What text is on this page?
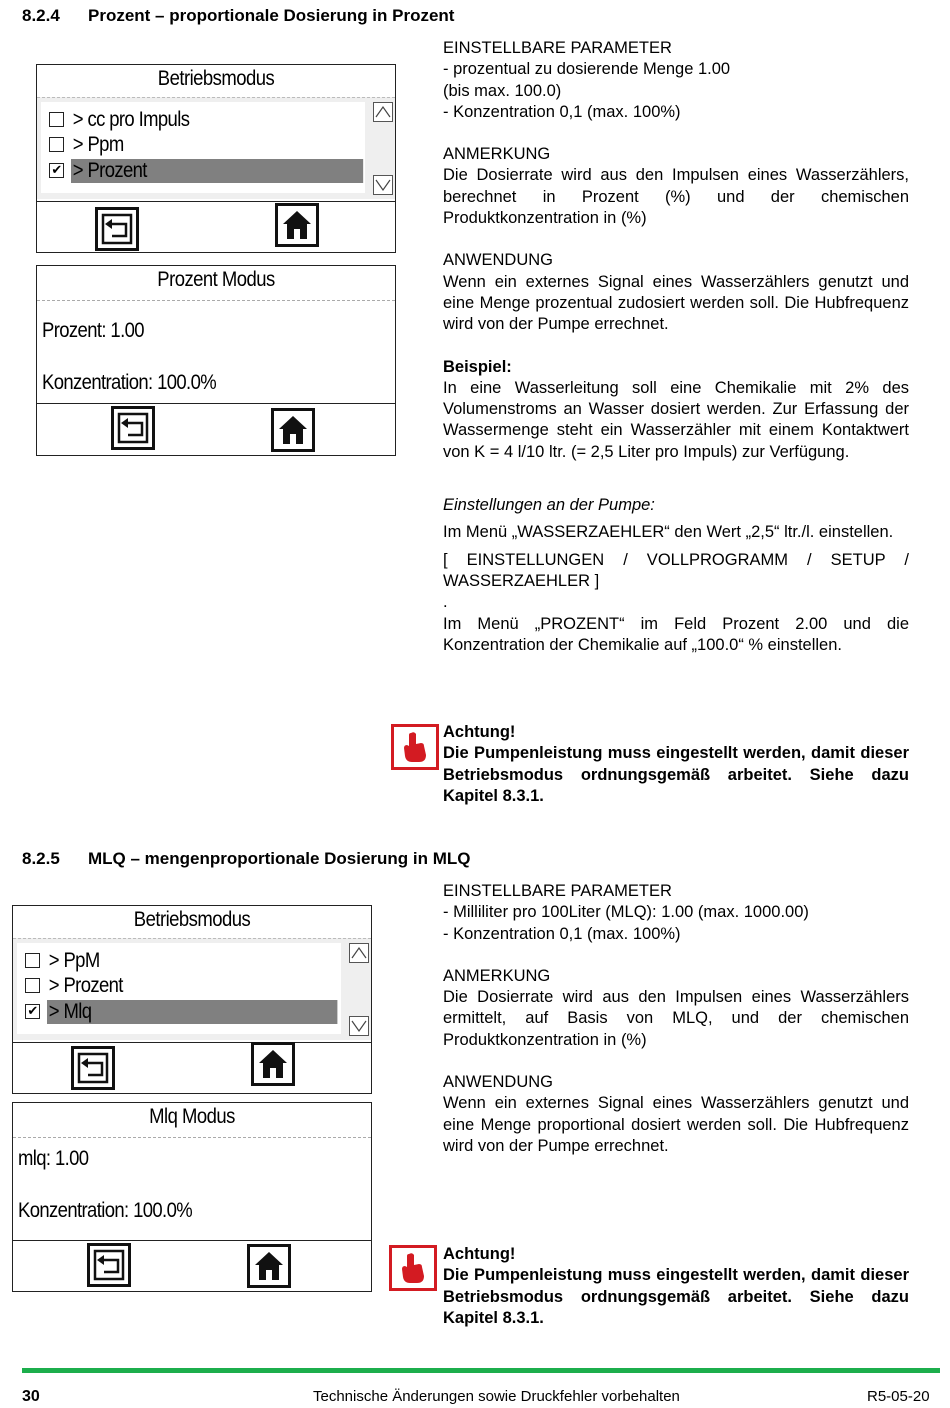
8.2.4 Prozent – proportionale Dosierung in Prozent
Betriebsmodus
> cc pro Impuls
> Ppm
✔ > Prozent
Prozent Modus
Prozent: 1.00
Konzentration: 100.0%

EINSTELLBARE PARAMETER

- prozentual zu dosierende Menge 1.00

(bis max. 100.0)

- Konzentration 0,1 (max. 100%)

ANMERKUNG

Die Dosierrate wird aus den Impulsen eines Wasserzählers, berechnet in Prozent (%) und der chemischen Produktkonzentration in (%)

ANWENDUNG

Wenn ein externes Signal eines Wasserzählers genutzt und eine Menge prozentual zudosiert werden soll. Die Hubfrequenz wird von der Pumpe errechnet.

Beispiel:

In eine Wasserleitung soll eine Chemikalie mit 2% des Volumenstroms an Wasser dosiert werden. Zur Erfassung der Wassermenge steht ein Wasserzähler mit einem Kontaktwert von K = 4 l/10 ltr. (= 2,5 Liter pro Impuls) zur Verfügung.

Einstellungen an der Pumpe:

Im Menü „WASSERZAEHLER“ den Wert „2,5“ ltr./l. einstellen.

[ EINSTELLUNGEN / VOLLPROGRAMM / SETUP / WASSERZAEHLER ]

.

Im Menü „PROZENT“ im Feld Prozent 2.00 und die Konzentration der Chemikalie auf „100.0“ % einstellen.

Achtung!

Die Pumpenleistung muss eingestellt werden, damit dieser Betriebsmodus ordnungsgemäß arbeitet. Siehe dazu Kapitel 8.3.1.

8.2.5 MLQ – mengenproportionale Dosierung in MLQ
Betriebsmodus
> PpM
> Prozent
✔ > Mlq
Mlq Modus
mlq: 1.00
Konzentration: 100.0%

EINSTELLBARE PARAMETER

- Milliliter pro 100Liter (MLQ): 1.00 (max. 1000.00)

- Konzentration 0,1 (max. 100%)

ANMERKUNG

Die Dosierrate wird aus den Impulsen eines Wasserzählers ermittelt, auf Basis von MLQ, und der chemischen Produktkonzentration in (%)

ANWENDUNG

Wenn ein externes Signal eines Wasserzählers genutzt und eine Menge proportional dosiert werden soll. Die Hubfrequenz wird von der Pumpe errechnet.

Achtung!

Die Pumpenleistung muss eingestellt werden, damit dieser Betriebsmodus ordnungsgemäß arbeitet. Siehe dazu Kapitel 8.3.1.

30	Technische Änderungen sowie Druckfehler vorbehalten	R5-05-20
